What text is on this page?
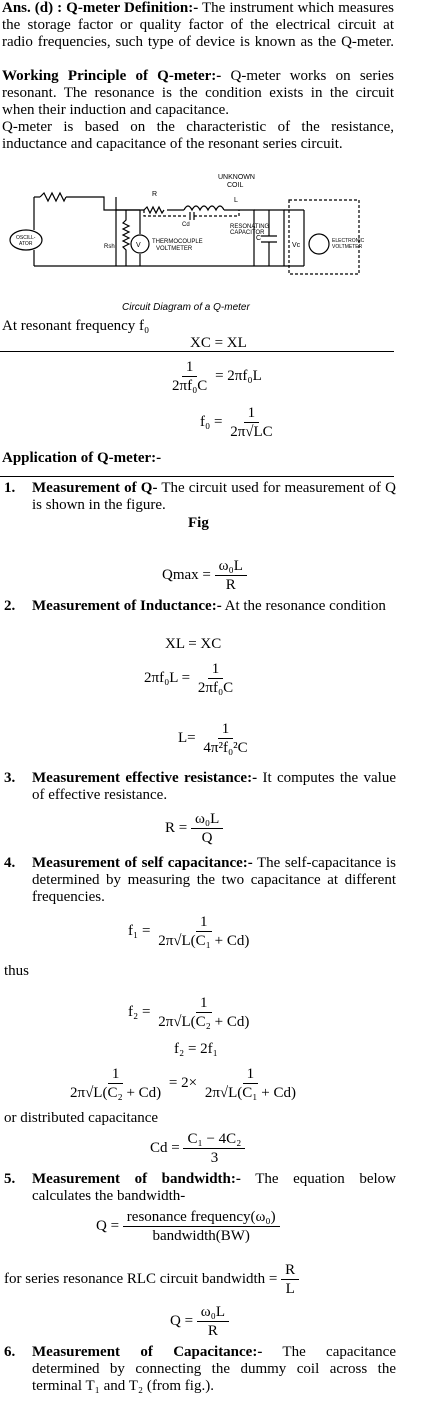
Ans. (d) : Q-meter Definition:- The instrument which measures the storage factor or quality factor of the electrical circuit at radio frequencies, such type of device is known as the Q-meter.
Working Principle of Q-meter:- Q-meter works on series resonant. The resonance is the condition exists in the circuit when their induction and capacitance.
Q-meter is based on the characteristic of the resistance, inductance and capacitance of the resonant series circuit.
UNKNOWN
COIL
R
L
Cd	RESONATING
CAPACITOR
OSCILL-
ATOR	Rsh	V THERMOCOUPLE
VOLTMETER
C
Vc
ELECTRONIC
VOLTMETER
Circuit Diagram of a Q-meter
At resonant frequency f₀
XC = XL
$\frac{1}{\text{2πf₀C}} = 2\pi f_0L$
$f_0 = \frac{1}{2\pi√LC}$
Application of Q-meter:-
1. Measurement of Q- The circuit used for measurement of Q is shown in the figure.
Fig
$Qmax = \frac{\text{ω₀L}}{R}$
2. Measurement of Inductance:- At the resonance condition
XL = XC
$2\pi f_0L = \frac{1}{\text{2πf₀C}}$
$L= \frac{1}{\text{4π²f₀²C}}$
3. Measurement effective resistance:- It computes the value of effective resistance.
$R = \frac{\text{ω₀L}}{Q}$
4. Measurement of self capacitance:- The self-capacitance is determined by measuring the two capacitance at different frequencies.
$f_1 = \frac{1}{\text{2π√L(C₁ + Cd)}}$
thus
$f_2 = \frac{1}{\text{2π√L(C₂ + Cd)}}$
f₂ = 2f₁
$\frac{1}{\text{2π√L(C₂ + Cd)}} = 2\times \frac{1}{\text{2π√L(C₁ + Cd)}}$
or distributed capacitance
$Cd = \frac{\text{C₁ − 4C₂}}{3}$
5. Measurement of bandwidth:- The equation below calculates the bandwidth-
$Q = \frac{\text{resonance frequency(ω₀)}}{\text{bandwidth(BW)}}$
for series resonance RLC circuit bandwidth = $\frac{R}{L}$
$Q = \frac{\text{ω₀L}}{R}$
6. Measurement of Capacitance:- The capacitance determined by connecting the dummy coil across the terminal T₁ and T₂ (from fig.).
